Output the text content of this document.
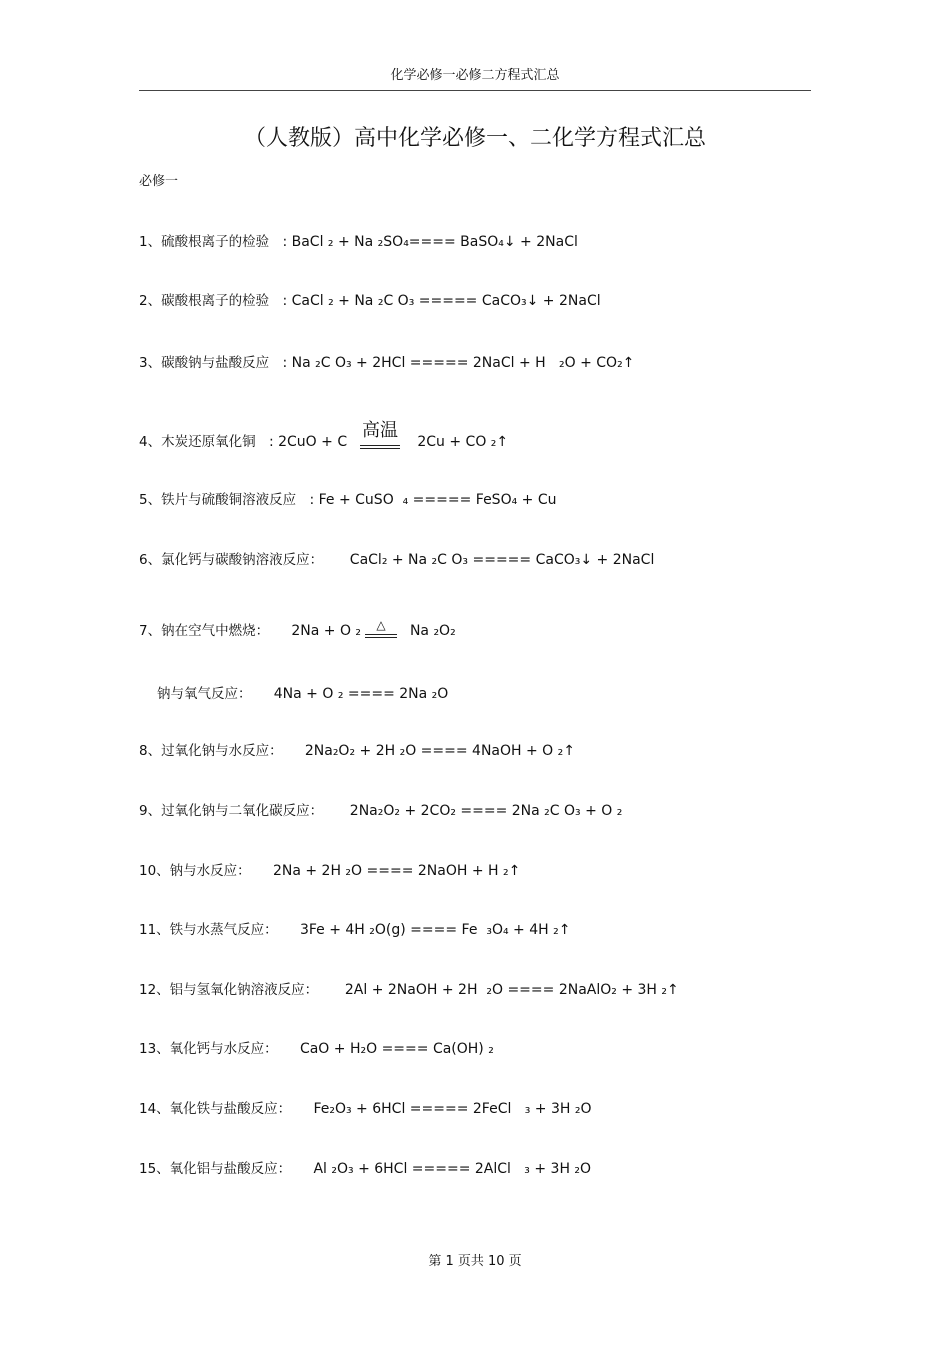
化学必修一必修二方程式汇总
（人教版）高中化学必修一、二化学方程式汇总
必修一
1、硫酸根离子的检验   : BaCl ₂ + Na ₂SO₄==== BaSO₄↓ + 2NaCl
2、碳酸根离子的检验   : CaCl ₂ + Na ₂C O₃ ===== CaCO₃↓ + 2NaCl
3、碳酸钠与盐酸反应   : Na ₂C O₃ + 2HCl ===== 2NaCl + H   ₂O + CO₂↑
4、木炭还原氧化铜   : 2CuO + C
高温
2Cu + CO ₂↑
5、铁片与硫酸铜溶液反应   : Fe + CuSO  ₄ ===== FeSO₄ + Cu
6、氯化钙与碳酸钠溶液反应： CaCl₂ + Na ₂C O₃ ===== CaCO₃↓ + 2NaCl
7、钠在空气中燃烧： 2Na + O ₂	△	Na ₂O₂
钠与氧气反应： 4Na + O ₂ ==== 2Na ₂O
8、过氧化钠与水反应： 2Na₂O₂ + 2H ₂O ==== 4NaOH + O ₂↑
9、过氧化钠与二氧化碳反应： 2Na₂O₂ + 2CO₂ ==== 2Na ₂C O₃ + O ₂
10、钠与水反应： 2Na + 2H ₂O ==== 2NaOH + H ₂↑
11、铁与水蒸气反应： 3Fe + 4H ₂O(g) ==== Fe  ₃O₄ + 4H ₂↑
12、铝与氢氧化钠溶液反应： 2Al + 2NaOH + 2H  ₂O ==== 2NaAlO₂ + 3H ₂↑
13、氧化钙与水反应： CaO + H₂O ==== Ca(OH) ₂
14、氧化铁与盐酸反应： Fe₂O₃ + 6HCl ===== 2FeCl   ₃ + 3H ₂O
15、氧化铝与盐酸反应： Al ₂O₃ + 6HCl ===== 2AlCl   ₃ + 3H ₂O
第 1 页共 10 页
